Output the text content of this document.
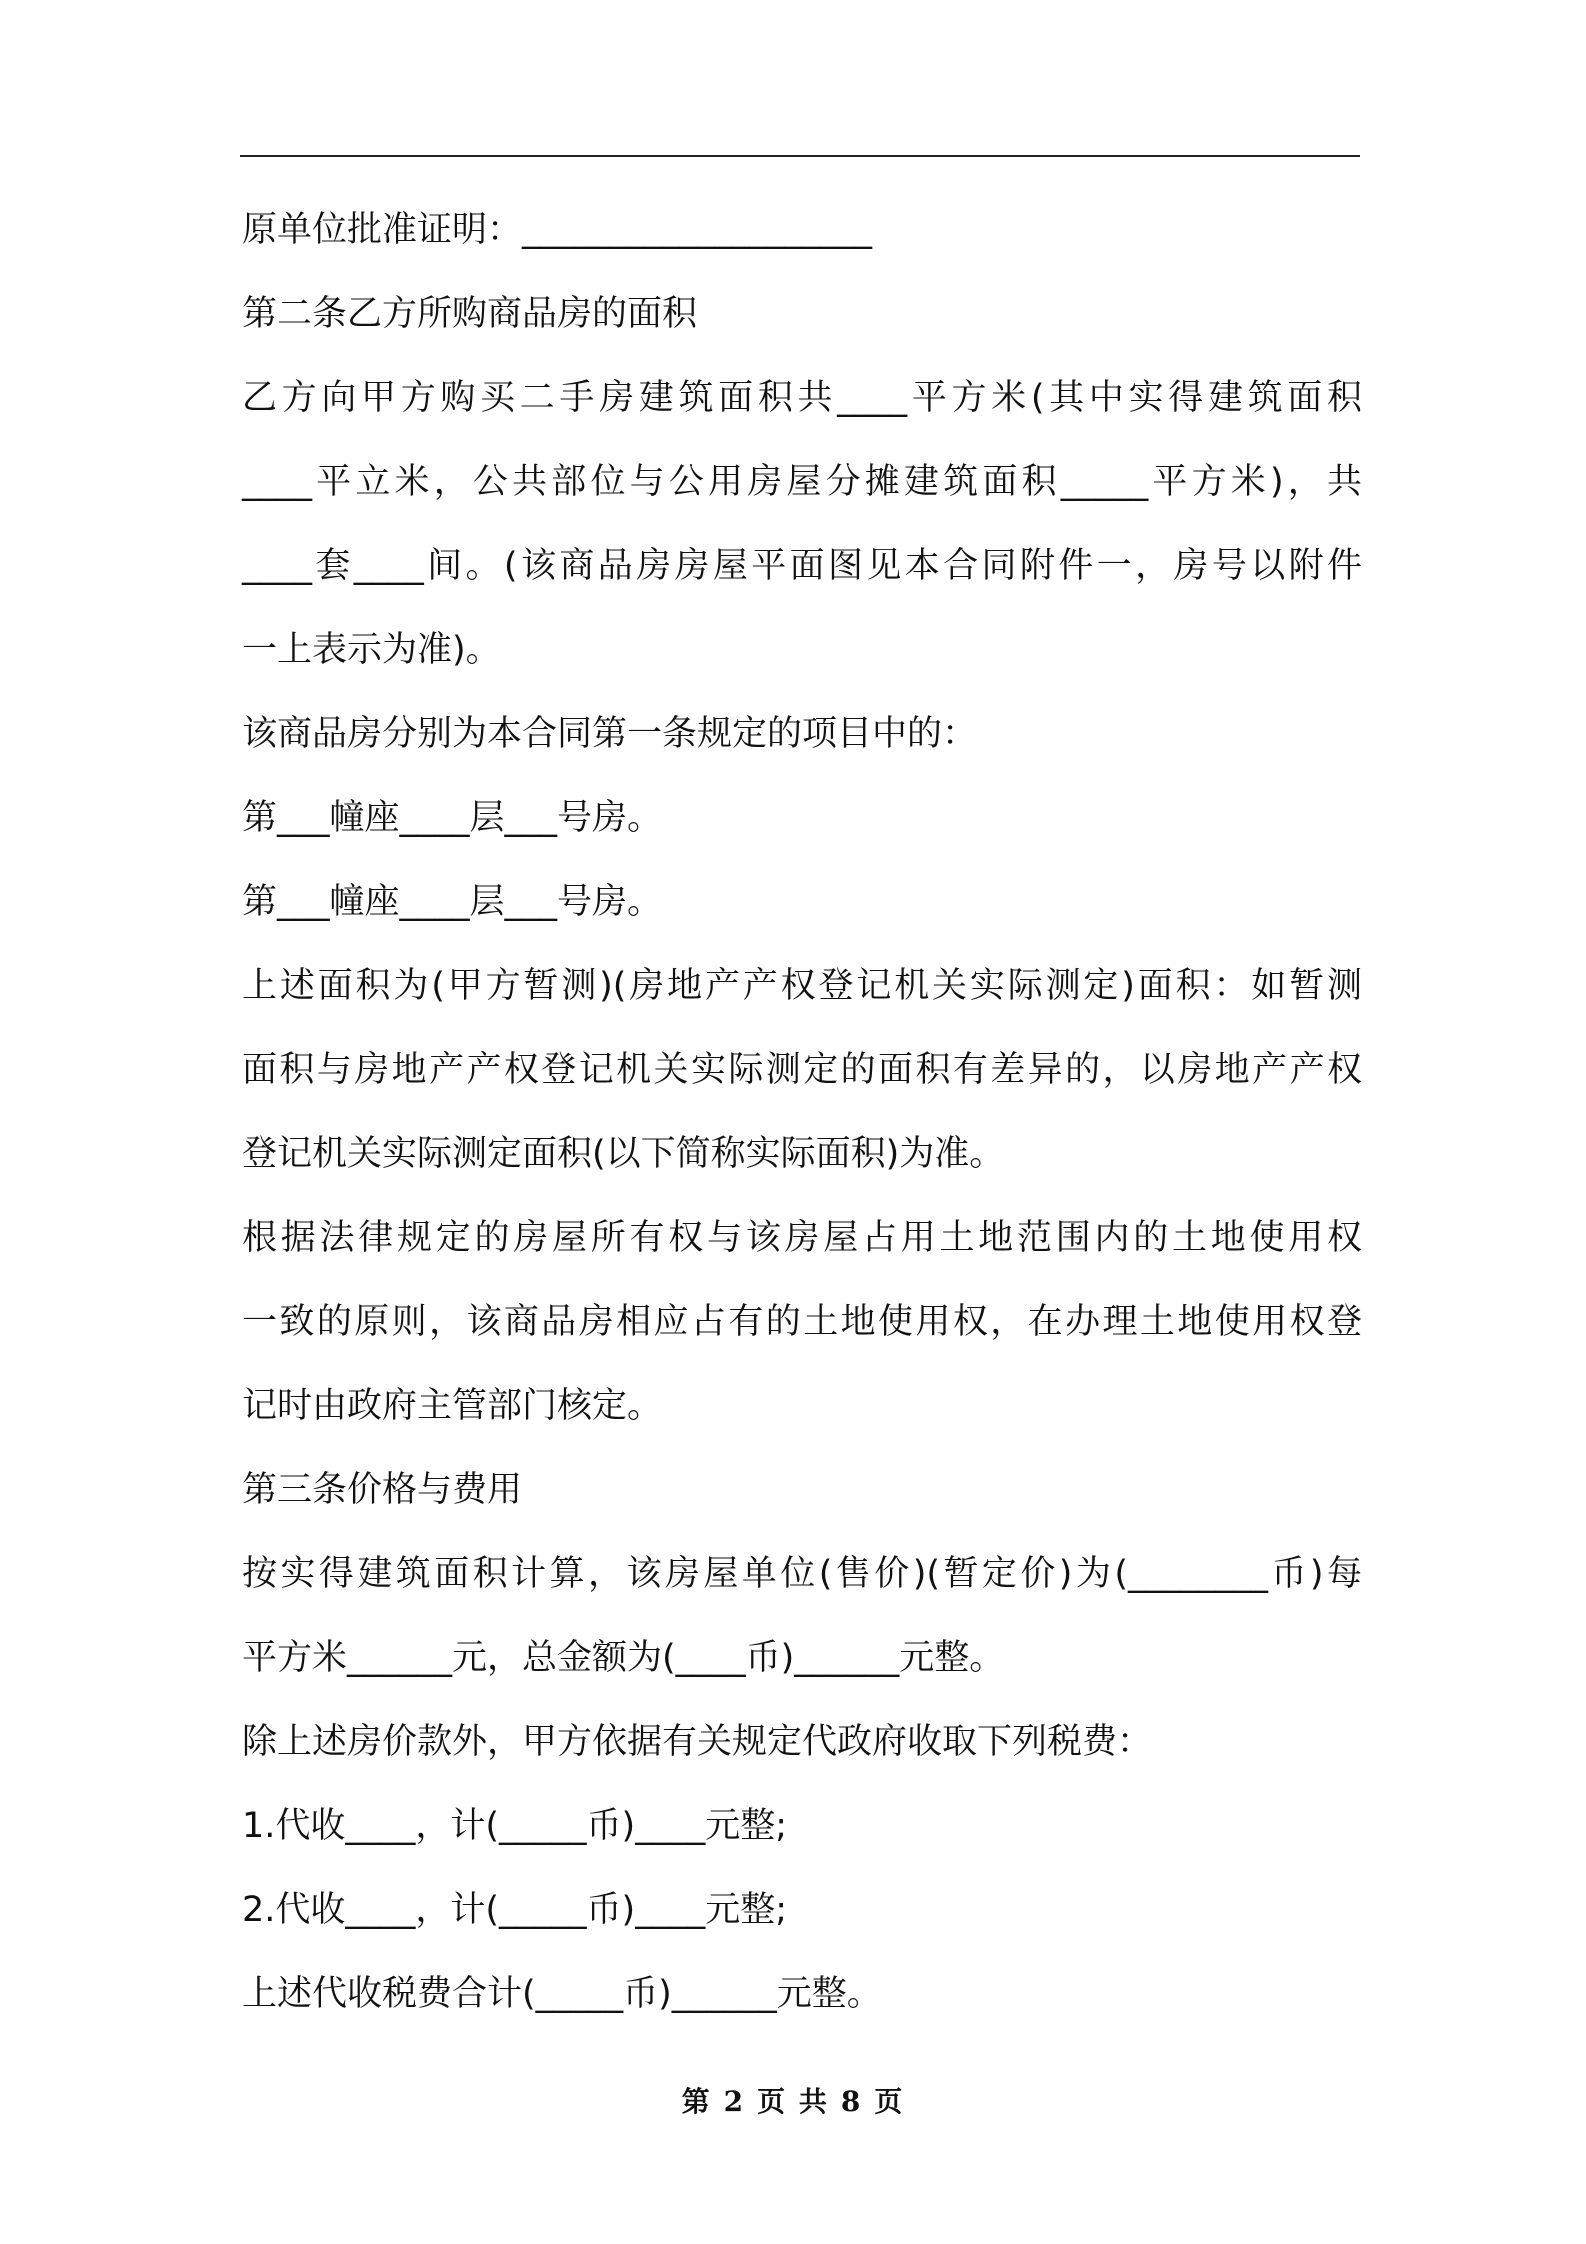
原单位批准证明：____________________
第二条乙方所购商品房的面积
乙方向甲方购买二手房建筑面积共____平方米(其中实得建筑面积
____平立米，公共部位与公用房屋分摊建筑面积_____平方米)，共
____套____间。(该商品房房屋平面图见本合同附件一，房号以附件
一上表示为准)。
该商品房分别为本合同第一条规定的项目中的：
第___幢座____层___号房。
第___幢座____层___号房。
上述面积为(甲方暂测)(房地产产权登记机关实际测定)面积：如暂测
面积与房地产产权登记机关实际测定的面积有差异的，以房地产产权
登记机关实际测定面积(以下简称实际面积)为准。
根据法律规定的房屋所有权与该房屋占用土地范围内的土地使用权
一致的原则，该商品房相应占有的土地使用权，在办理土地使用权登
记时由政府主管部门核定。
第三条价格与费用
按实得建筑面积计算，该房屋单位(售价)(暂定价)为(________币)每
平方米______元，总金额为(____币)______元整。
除上述房价款外，甲方依据有关规定代政府收取下列税费：
1.代收____，计(_____币)____元整;
2.代收____，计(_____币)____元整;
上述代收税费合计(_____币)______元整。
第 2 页 共 8 页
